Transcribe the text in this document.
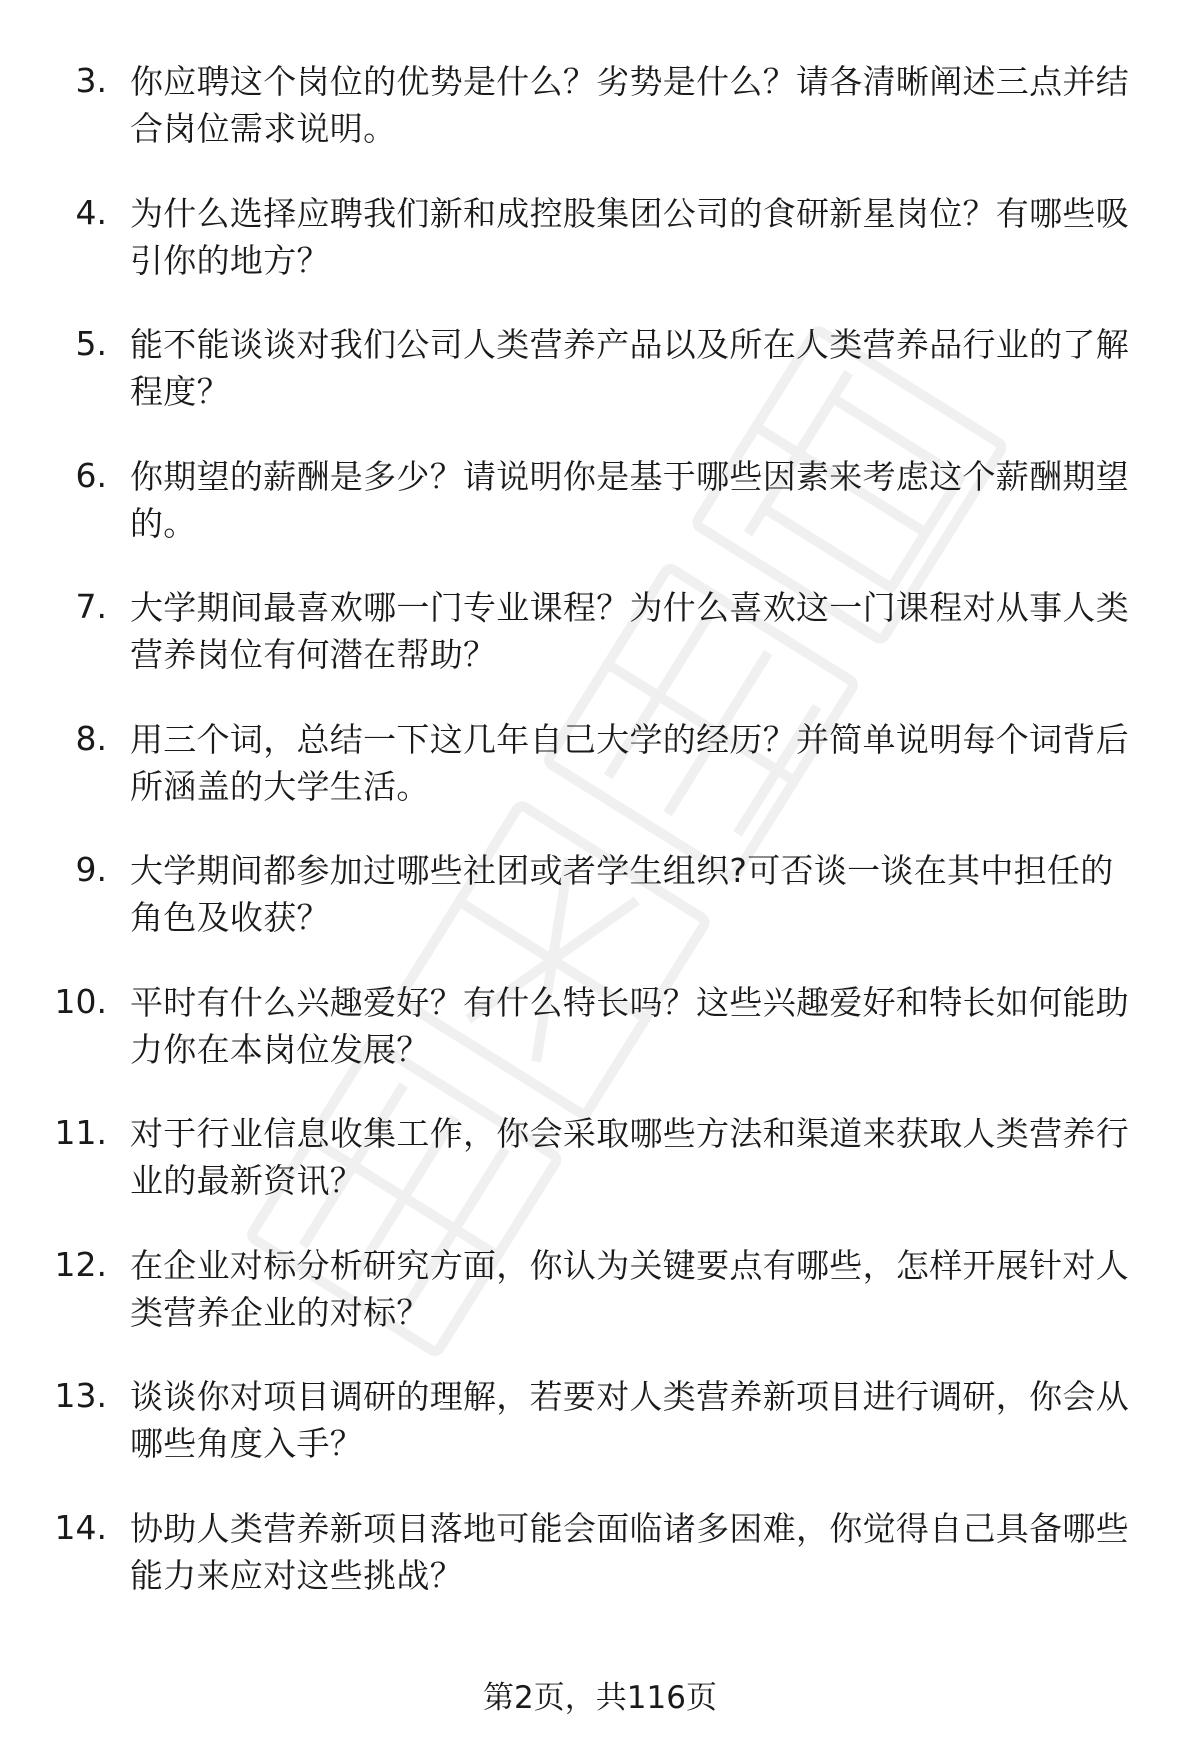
3. 你应聘这个岗位的优势是什么？劣势是什么？请各清晰阐述三点并结合岗位需求说明。
4. 为什么选择应聘我们新和成控股集团公司的食研新星岗位？有哪些吸引你的地方？
5. 能不能谈谈对我们公司人类营养产品以及所在人类营养品行业的了解程度？
6. 你期望的薪酬是多少？请说明你是基于哪些因素来考虑这个薪酬期望的。
7. 大学期间最喜欢哪一门专业课程？为什么喜欢这一门课程对从事人类营养岗位有何潜在帮助？
8. 用三个词，总结一下这几年自己大学的经历？并简单说明每个词背后所涵盖的大学生活。
9. 大学期间都参加过哪些社团或者学生组织?可否谈一谈在其中担任的角色及收获？
10. 平时有什么兴趣爱好？有什么特长吗？这些兴趣爱好和特长如何能助力你在本岗位发展？
11. 对于行业信息收集工作，你会采取哪些方法和渠道来获取人类营养行业的最新资讯？
12. 在企业对标分析研究方面，你认为关键要点有哪些，怎样开展针对人类营养企业的对标？
13. 谈谈你对项目调研的理解，若要对人类营养新项目进行调研，你会从哪些角度入手？
14. 协助人类营养新项目落地可能会面临诸多困难，你觉得自己具备哪些能力来应对这些挑战？
第2页，共116页
